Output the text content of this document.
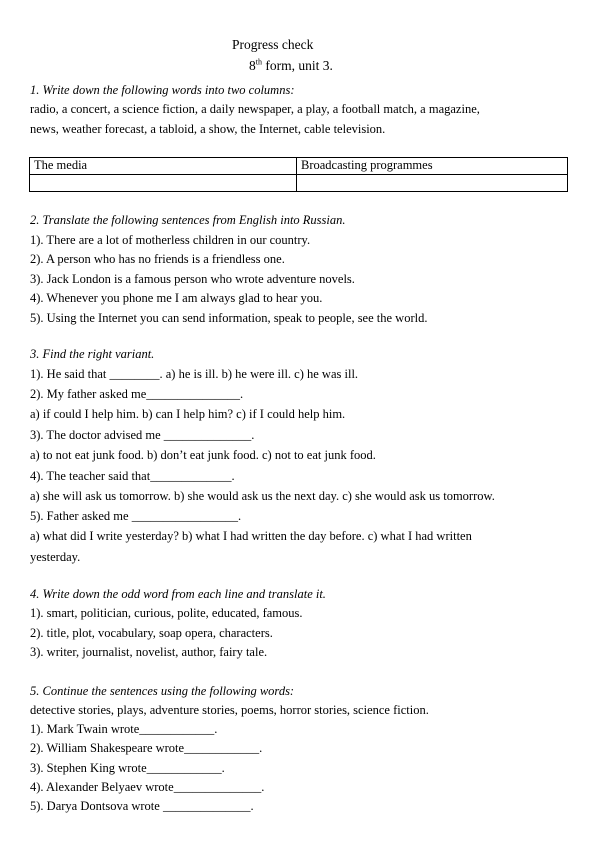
Progress check
8th form, unit 3.
1. Write down the following words into two columns:
radio, a concert, a science fiction, a daily newspaper, a play, a football match, a magazine,
news, weather forecast, a tabloid, a show, the Internet, cable television.
The media	Broadcasting programmes

2. Translate the following sentences from English into Russian.
1). There are a lot of motherless children in our country.
2). A person who has no friends is a friendless one.
3). Jack London is a famous person who wrote adventure novels.
4). Whenever you phone me I am always glad to hear you.
5). Using the Internet you can send information, speak to people, see the world.
3. Find the right variant.
1). He said that ________. a) he is ill. b) he were ill. c) he was ill.
2). My father asked me_______________.
a) if could I help him. b) can I help him? c) if I could help him.
3). The doctor advised me ______________.
a) to not eat junk food. b) don’t eat junk food. c) not to eat junk food.
4). The teacher said that_____________.
a) she will ask us tomorrow. b) she would ask us the next day. c) she would ask us tomorrow.
5). Father asked me _________________.
a) what did I write yesterday? b) what I had written the day before. c) what I had written
yesterday.
4. Write down the odd word from each line and translate it.
1). smart, politician, curious, polite, educated, famous.
2). title, plot, vocabulary, soap opera, characters.
3). writer, journalist, novelist, author, fairy tale.
5. Continue the sentences using the following words:
detective stories, plays, adventure stories, poems, horror stories, science fiction.
1). Mark Twain wrote____________.
2). William Shakespeare wrote____________.
3). Stephen King wrote____________.
4). Alexander Belyaev wrote______________.
5). Darya Dontsova wrote ______________.
